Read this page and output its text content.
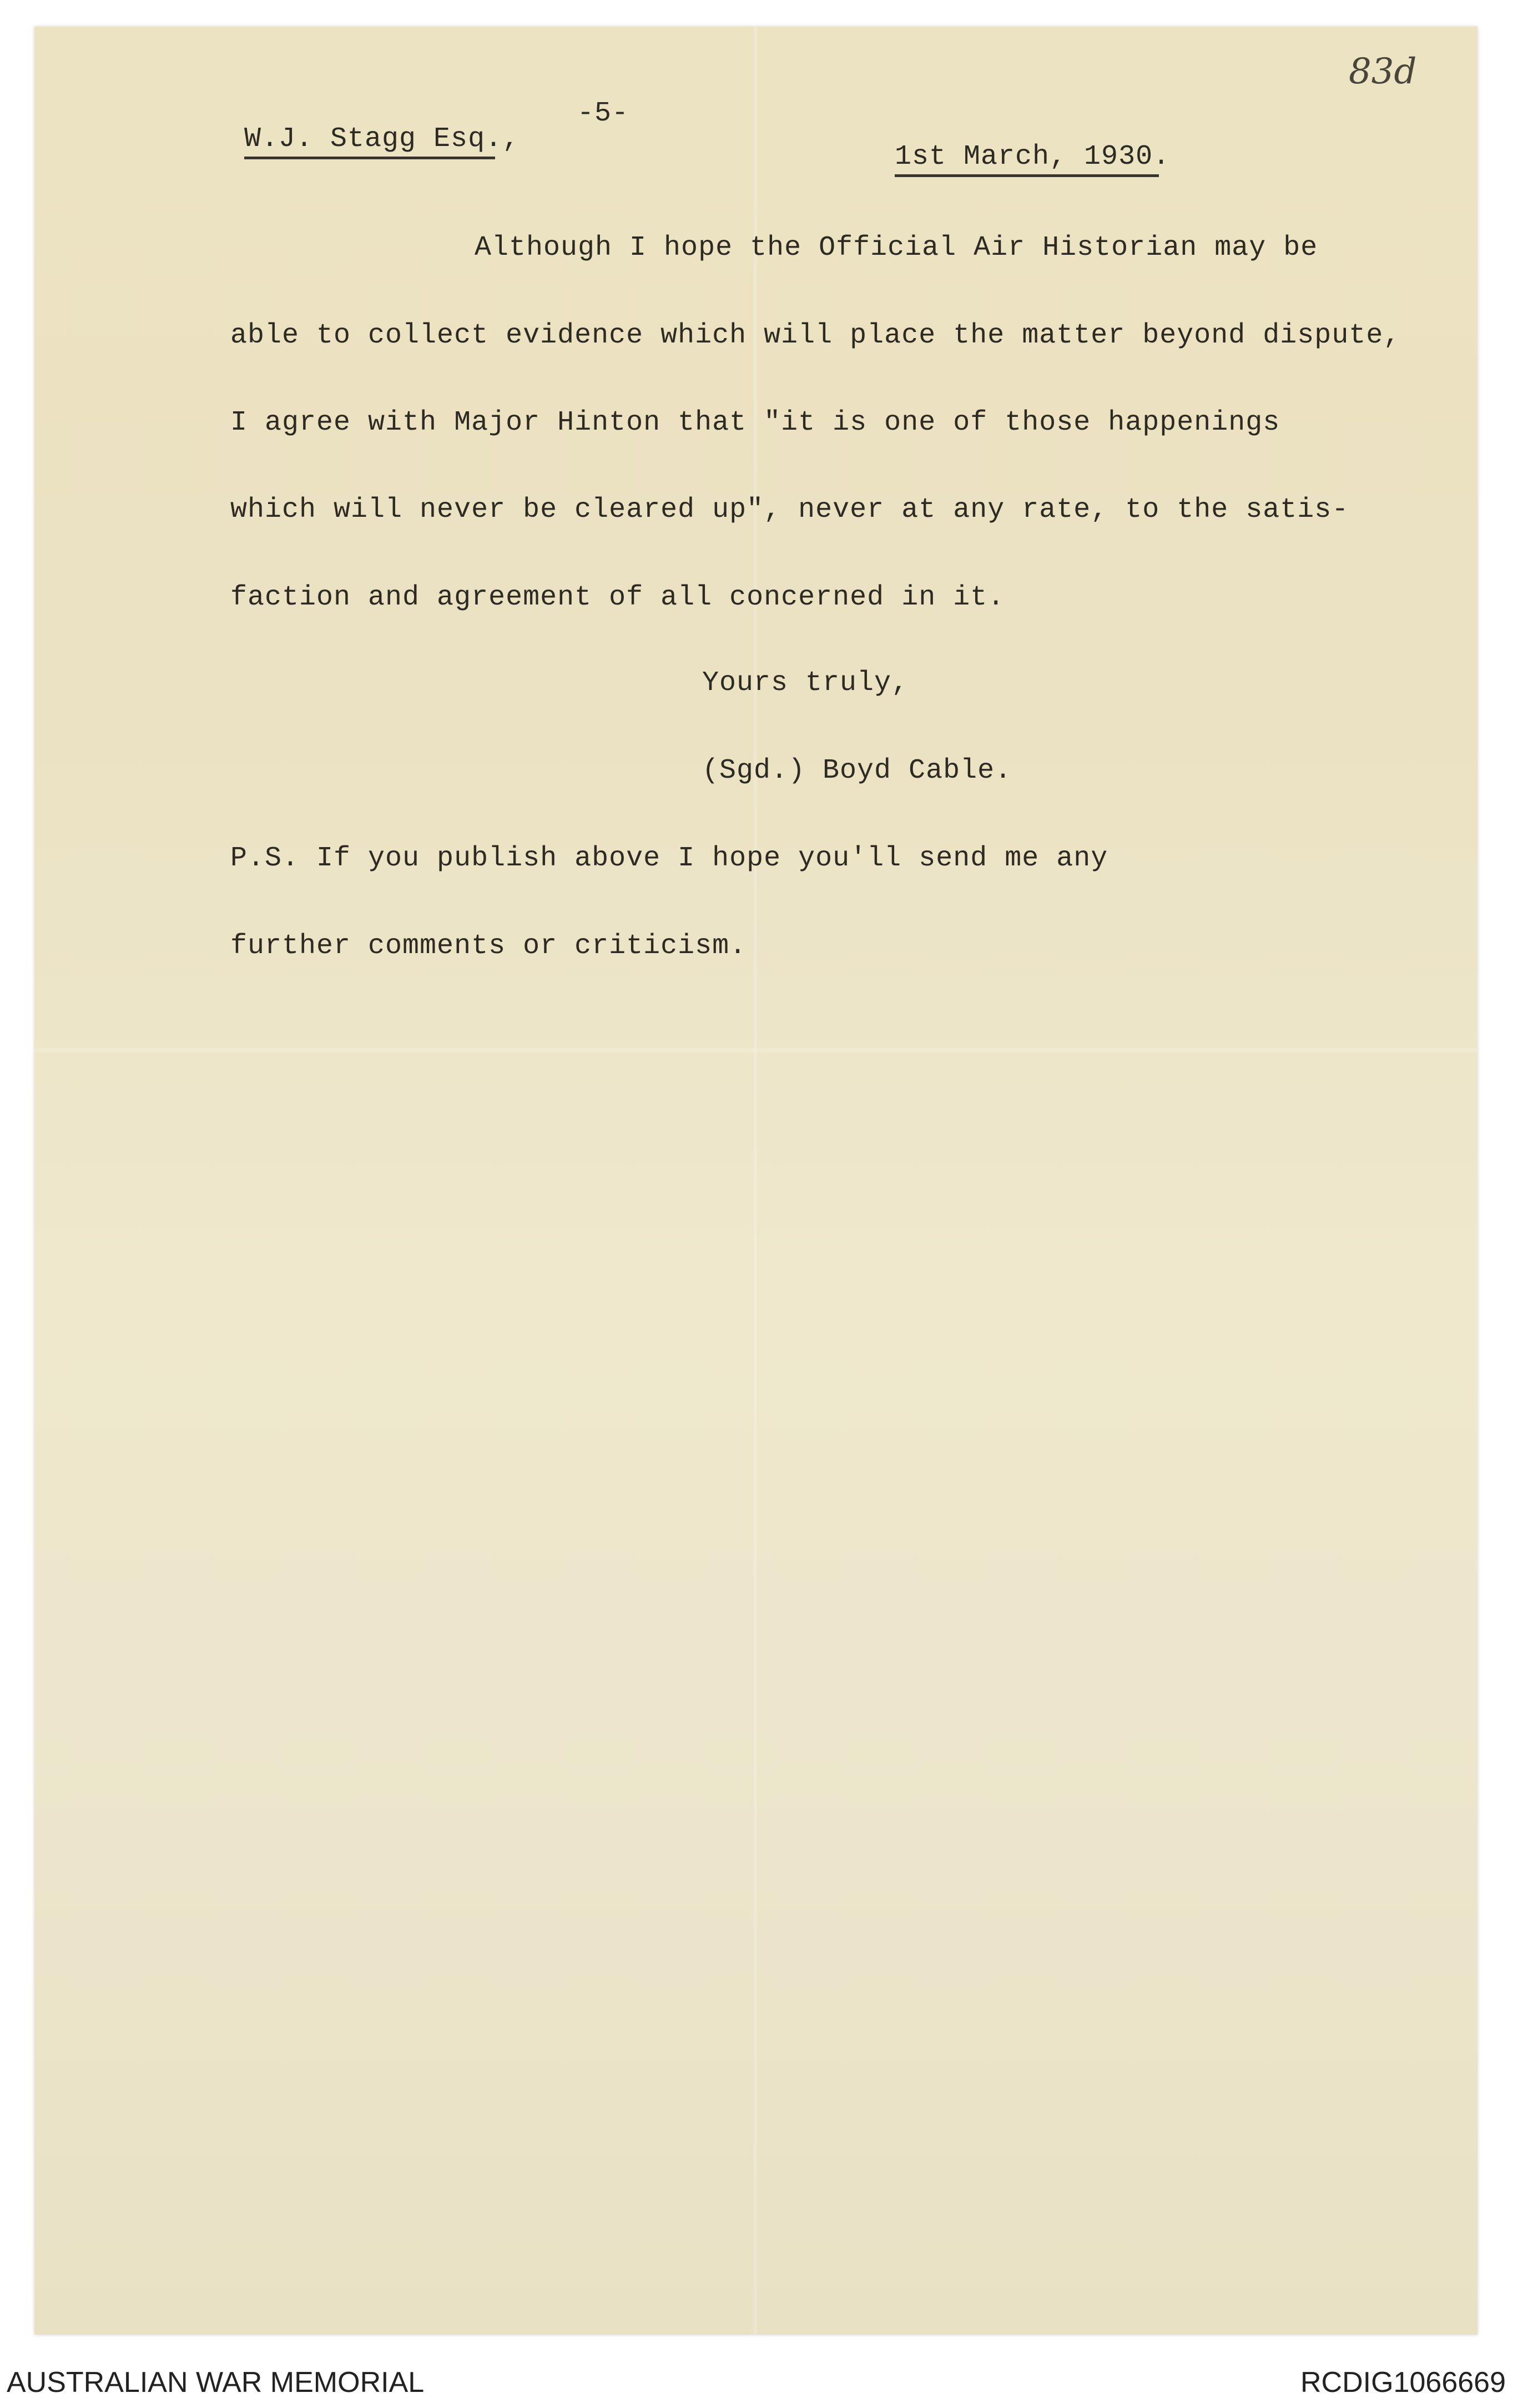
83d
-5-
W.J. Stagg Esq.,
1st March, 1930.
Although I hope the Official Air Historian may be
able to collect evidence which will place the matter beyond dispute,
I agree with Major Hinton that "it is one of those happenings
which will never be cleared up", never at any rate, to the satis-
faction and agreement of all concerned in it.
Yours truly,
(Sgd.) Boyd Cable.
P.S. If you publish above I hope you'll send me any
further comments or criticism.
AUSTRALIAN WAR MEMORIAL	RCDIG1066669
